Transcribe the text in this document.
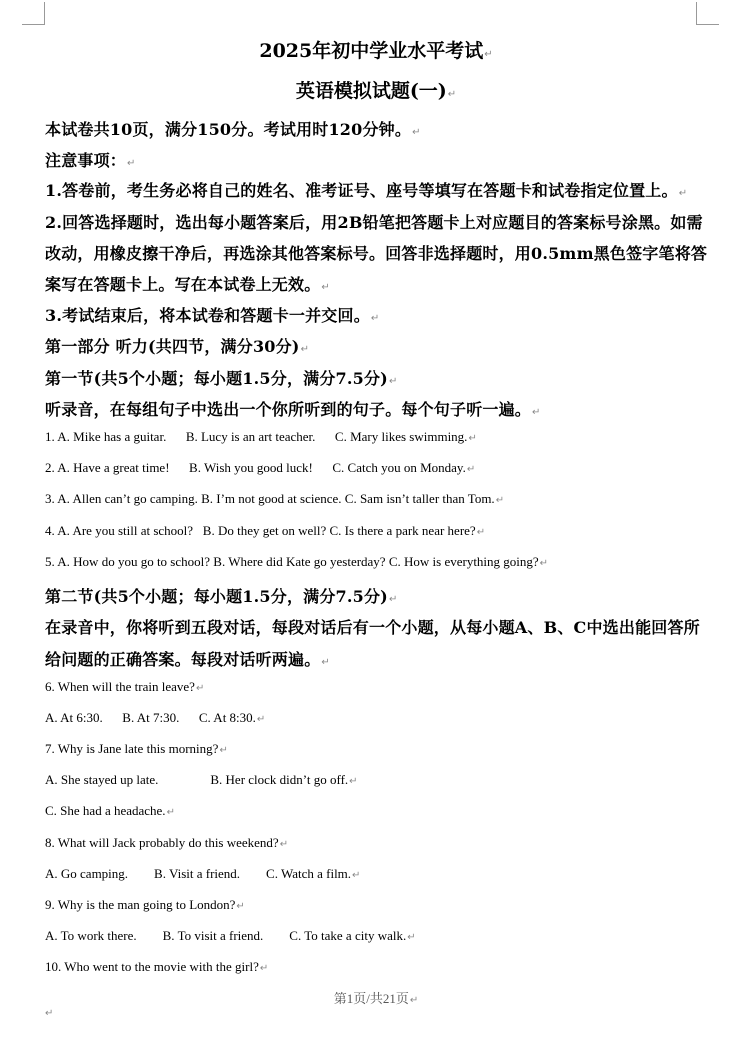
2025年初中学业水平考试 ↵
英语模拟试题(一) ↵
本试卷共10页，满分150分。考试用时120分钟。 ↵
注意事项： ↵
1.答卷前，考生务必将自己的姓名、准考证号、座号等填写在答题卡和试卷指定位置上。 ↵
2.回答选择题时，选出每小题答案后，用2B铅笔把答题卡上对应题目的答案标号涂黑。如需
改动，用橡皮擦干净后，再选涂其他答案标号。回答非选择题时，用0.5mm黑色签字笔将答
案写在答题卡上。写在本试卷上无效。 ↵
3.考试结束后，将本试卷和答题卡一并交回。 ↵
第一部分 听力(共四节，满分30分) ↵
第一节(共5个小题；每小题1.5分，满分7.5分) ↵
听录音，在每组句子中选出一个你所听到的句子。每个句子听一遍。 ↵
1. A. Mike has a guitar.      B. Lucy is an art teacher.      C. Mary likes swimming. ↵
2. A. Have a great time!      B. Wish you good luck!      C. Catch you on Monday. ↵
3. A. Allen can’t go camping. B. I’m not good at science. C. Sam isn’t taller than Tom. ↵
4. A. Are you still at school?   B. Do they get on well? C. Is there a park near here? ↵
5. A. How do you go to school? B. Where did Kate go yesterday? C. How is everything going? ↵
第二节(共5个小题；每小题1.5分，满分7.5分) ↵
在录音中，你将听到五段对话，每段对话后有一个小题，从每小题A、B、C中选出能回答所
给问题的正确答案。每段对话听两遍。 ↵
6. When will the train leave? ↵
A. At 6:30.      B. At 7:30.      C. At 8:30. ↵
7. Why is Jane late this morning? ↵
A. She stayed up late.                B. Her clock didn’t go off. ↵
C. She had a headache. ↵
8. What will Jack probably do this weekend? ↵
A. Go camping.        B. Visit a friend.        C. Watch a film. ↵
9. Why is the man going to London? ↵
A. To work there.        B. To visit a friend.        C. To take a city walk. ↵
10. Who went to the movie with the girl? ↵
第1页/共21页 ↵
↵
